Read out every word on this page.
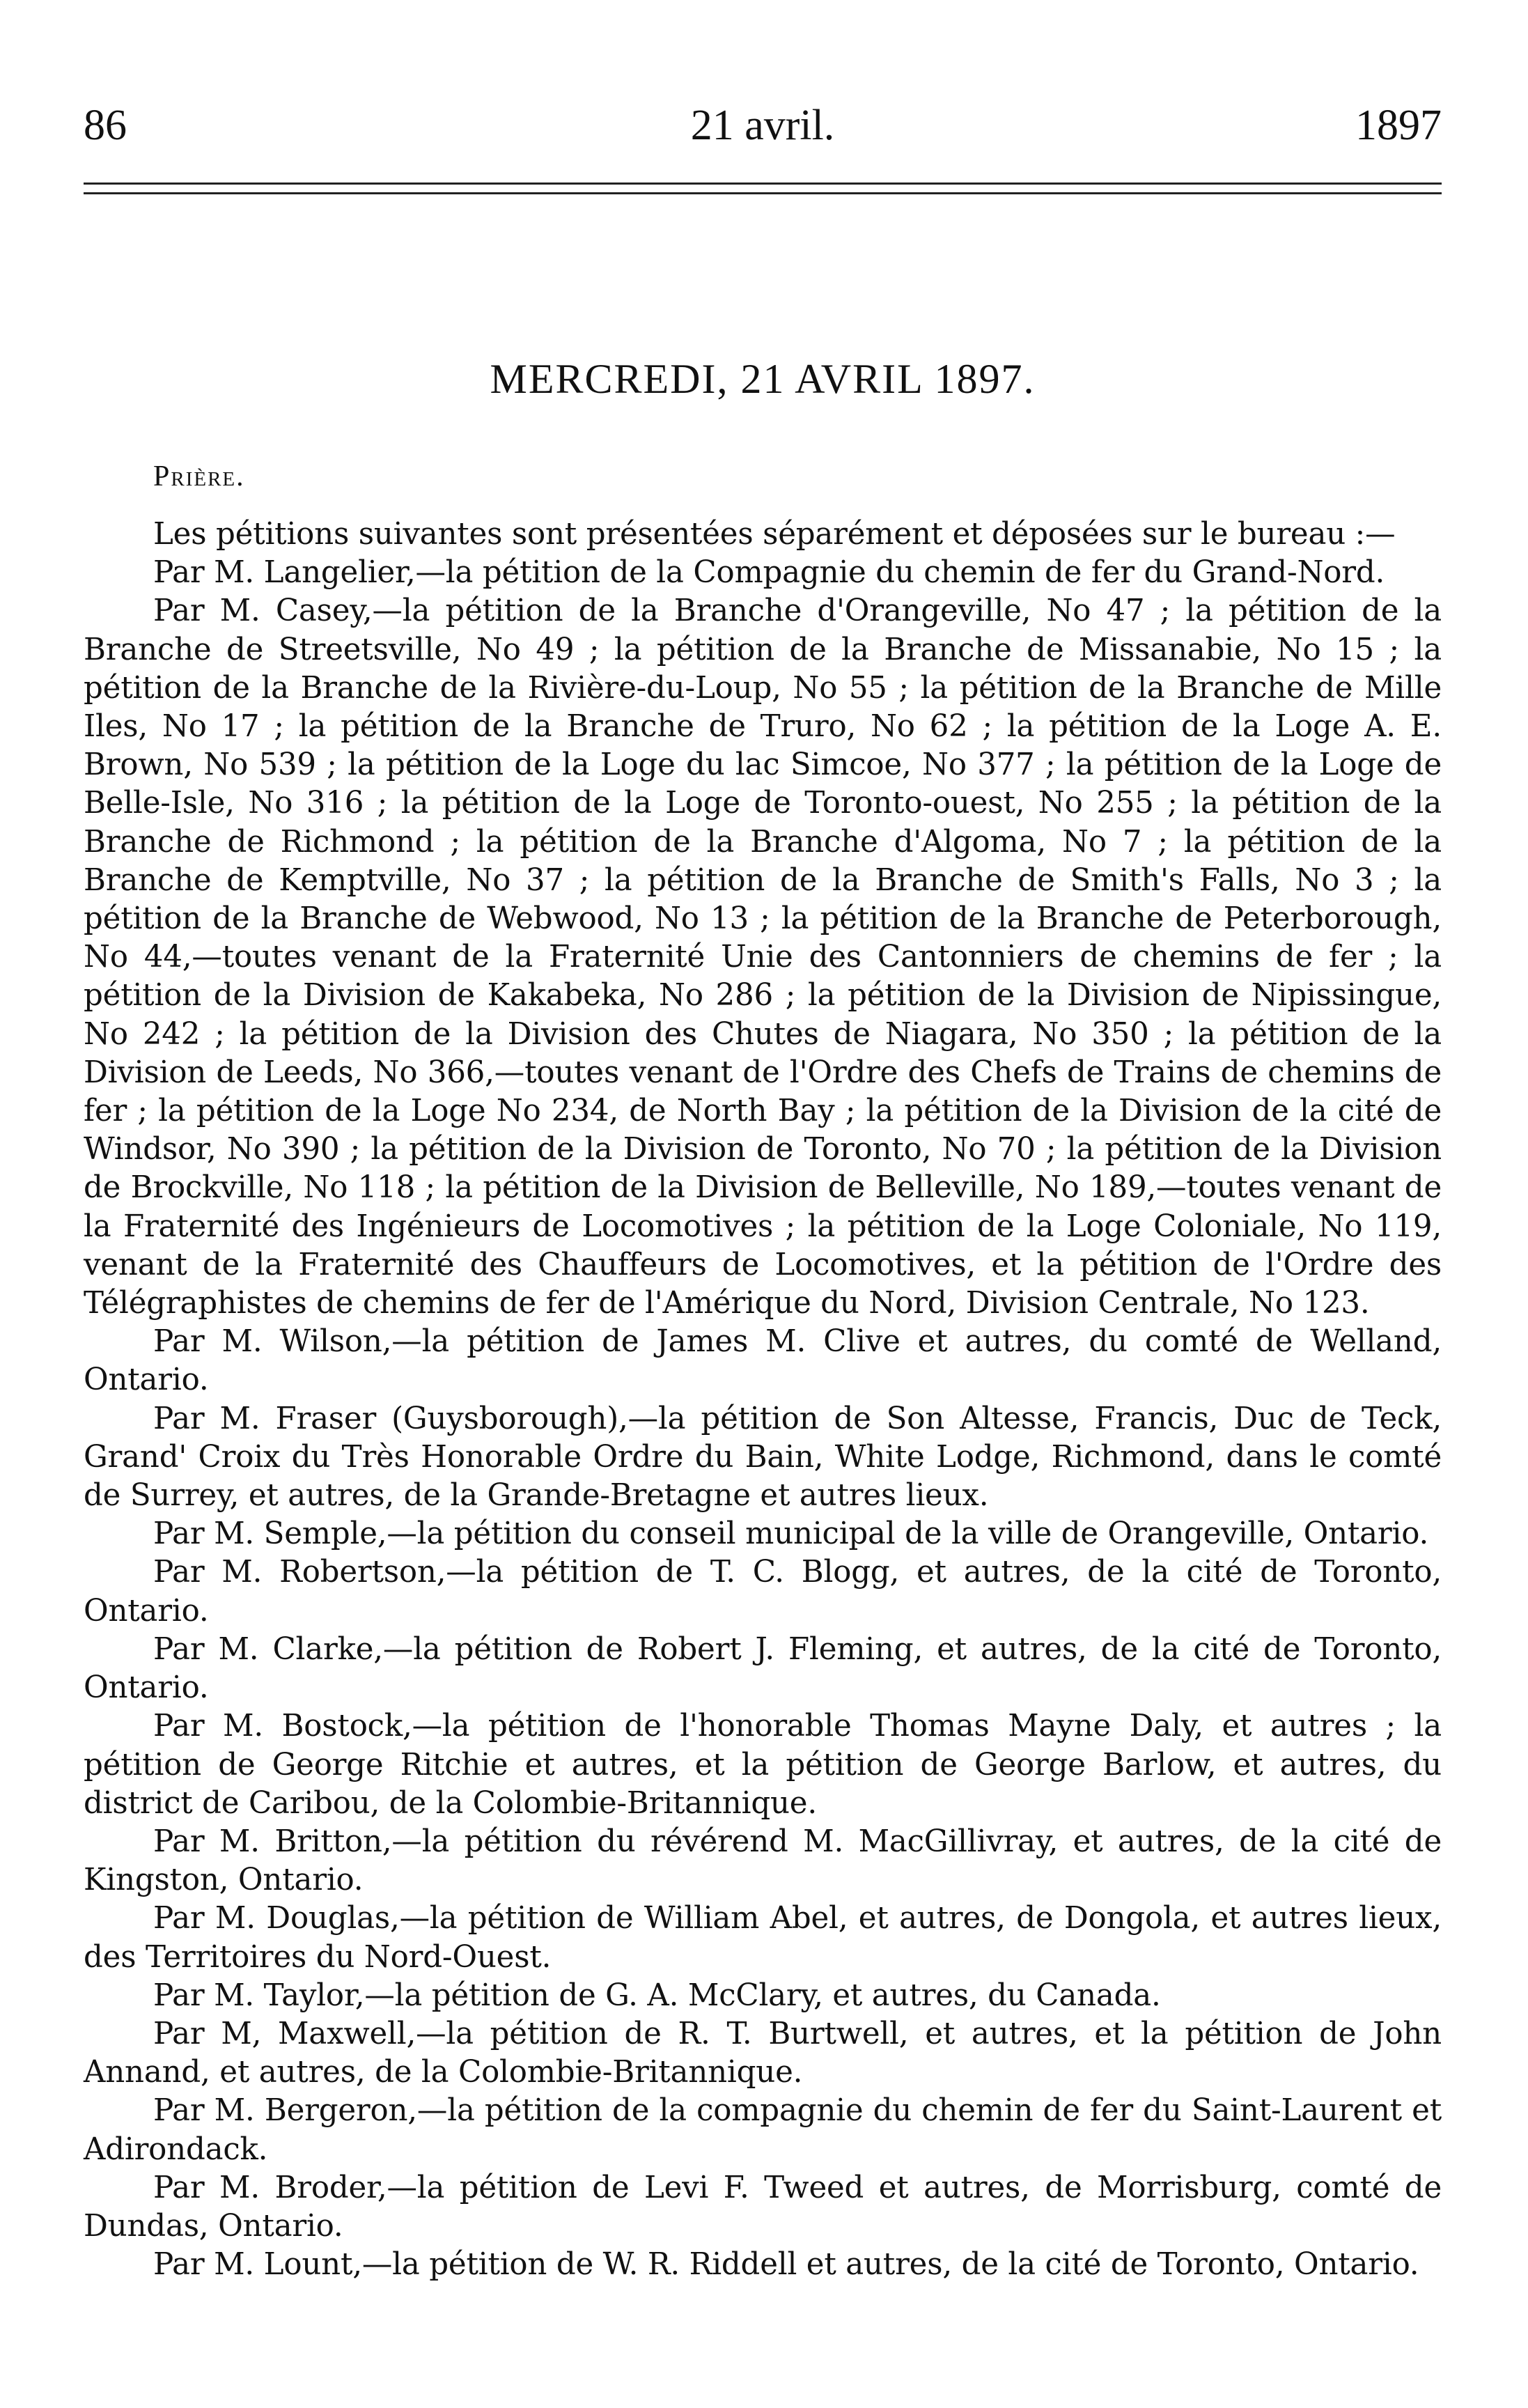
86	21 avril.	1897
MERCREDI, 21 AVRIL 1897.
Prière.

Les pétitions suivantes sont présentées séparément et déposées sur le bureau :—

Par M. Langelier,—la pétition de la Compagnie du chemin de fer du Grand-Nord.

Par M. Casey,—la pétition de la Branche d'Orangeville, No 47 ; la pétition de la Branche de Streetsville, No 49 ; la pétition de la Branche de Missanabie, No 15 ; la pétition de la Branche de la Rivière-du-Loup, No 55 ; la pétition de la Branche de Mille Iles, No 17 ; la pétition de la Branche de Truro, No 62 ; la pétition de la Loge A. E. Brown, No 539 ; la pétition de la Loge du lac Simcoe, No 377 ; la pétition de la Loge de Belle-Isle, No 316 ; la pétition de la Loge de Toronto-ouest, No 255 ; la pétition de la Branche de Richmond ; la pétition de la Branche d'Algoma, No 7 ; la pétition de la Branche de Kemptville, No 37 ; la pétition de la Branche de Smith's Falls, No 3 ; la pétition de la Branche de Webwood, No 13 ; la pétition de la Branche de Peterborough, No 44,—toutes venant de la Fraternité Unie des Cantonniers de chemins de fer ; la pétition de la Division de Kakabeka, No 286 ; la pétition de la Division de Nipissingue, No 242 ; la pétition de la Division des Chutes de Niagara, No 350 ; la pétition de la Division de Leeds, No 366,—toutes venant de l'Ordre des Chefs de Trains de chemins de fer ; la pétition de la Loge No 234, de North Bay ; la pétition de la Division de la cité de Windsor, No 390 ; la pétition de la Division de Toronto, No 70 ; la pétition de la Division de Brockville, No 118 ; la pétition de la Division de Belleville, No 189,—toutes venant de la Fraternité des Ingénieurs de Locomotives ; la pétition de la Loge Coloniale, No 119, venant de la Fraternité des Chauffeurs de Locomotives, et la pétition de l'Ordre des Télégraphistes de chemins de fer de l'Amérique du Nord, Division Centrale, No 123.

Par M. Wilson,—la pétition de James M. Clive et autres, du comté de Welland, Ontario.

Par M. Fraser (Guysborough),—la pétition de Son Altesse, Francis, Duc de Teck, Grand' Croix du Très Honorable Ordre du Bain, White Lodge, Richmond, dans le comté de Surrey, et autres, de la Grande-Bretagne et autres lieux.

Par M. Semple,—la pétition du conseil municipal de la ville de Orangeville, Ontario.

Par M. Robertson,—la pétition de T. C. Blogg, et autres, de la cité de Toronto, Ontario.

Par M. Clarke,—la pétition de Robert J. Fleming, et autres, de la cité de Toronto, Ontario.

Par M. Bostock,—la pétition de l'honorable Thomas Mayne Daly, et autres ; la pétition de George Ritchie et autres, et la pétition de George Barlow, et autres, du district de Caribou, de la Colombie-Britannique.

Par M. Britton,—la pétition du révérend M. MacGillivray, et autres, de la cité de Kingston, Ontario.

Par M. Douglas,—la pétition de William Abel, et autres, de Dongola, et autres lieux, des Territoires du Nord-Ouest.

Par M. Taylor,—la pétition de G. A. McClary, et autres, du Canada.

Par M, Maxwell,—la pétition de R. T. Burtwell, et autres, et la pétition de John Annand, et autres, de la Colombie-Britannique.

Par M. Bergeron,—la pétition de la compagnie du chemin de fer du Saint-Laurent et Adirondack.

Par M. Broder,—la pétition de Levi F. Tweed et autres, de Morrisburg, comté de Dundas, Ontario.

Par M. Lount,—la pétition de W. R. Riddell et autres, de la cité de Toronto, Ontario.
